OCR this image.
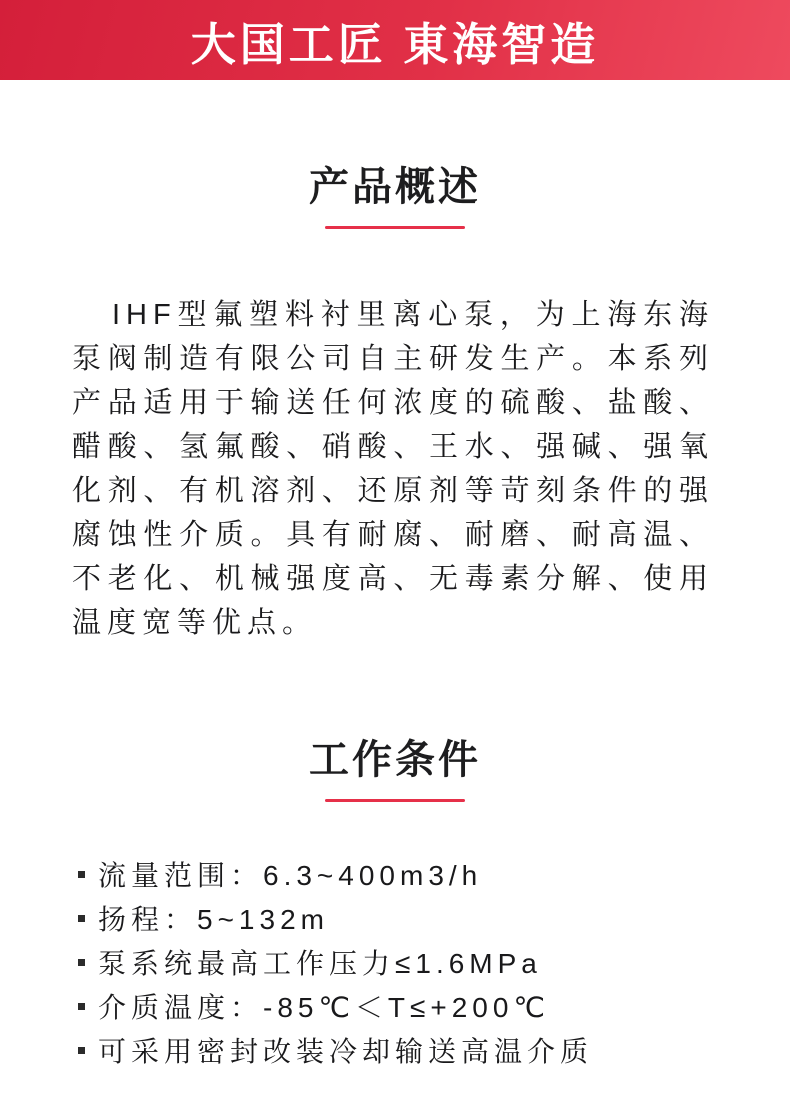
大国工匠 東海智造
产品概述

IHF型氟塑料衬里离心泵，为上海东海泵阀制造有限公司自主研发生产。本系列产品适用于输送任何浓度的硫酸、盐酸、醋酸、氢氟酸、硝酸、王水、强碱、强氧化剂、有机溶剂、还原剂等苛刻条件的强腐蚀性介质。具有耐腐、耐磨、耐高温、不老化、机械强度高、无毒素分解、使用温度宽等优点。

工作条件
流量范围：6.3~400m3/h
扬程：5~132m
泵系统最高工作压力≤1.6MPa
介质温度：-85℃＜T≤+200℃
可采用密封改装冷却输送高温介质
